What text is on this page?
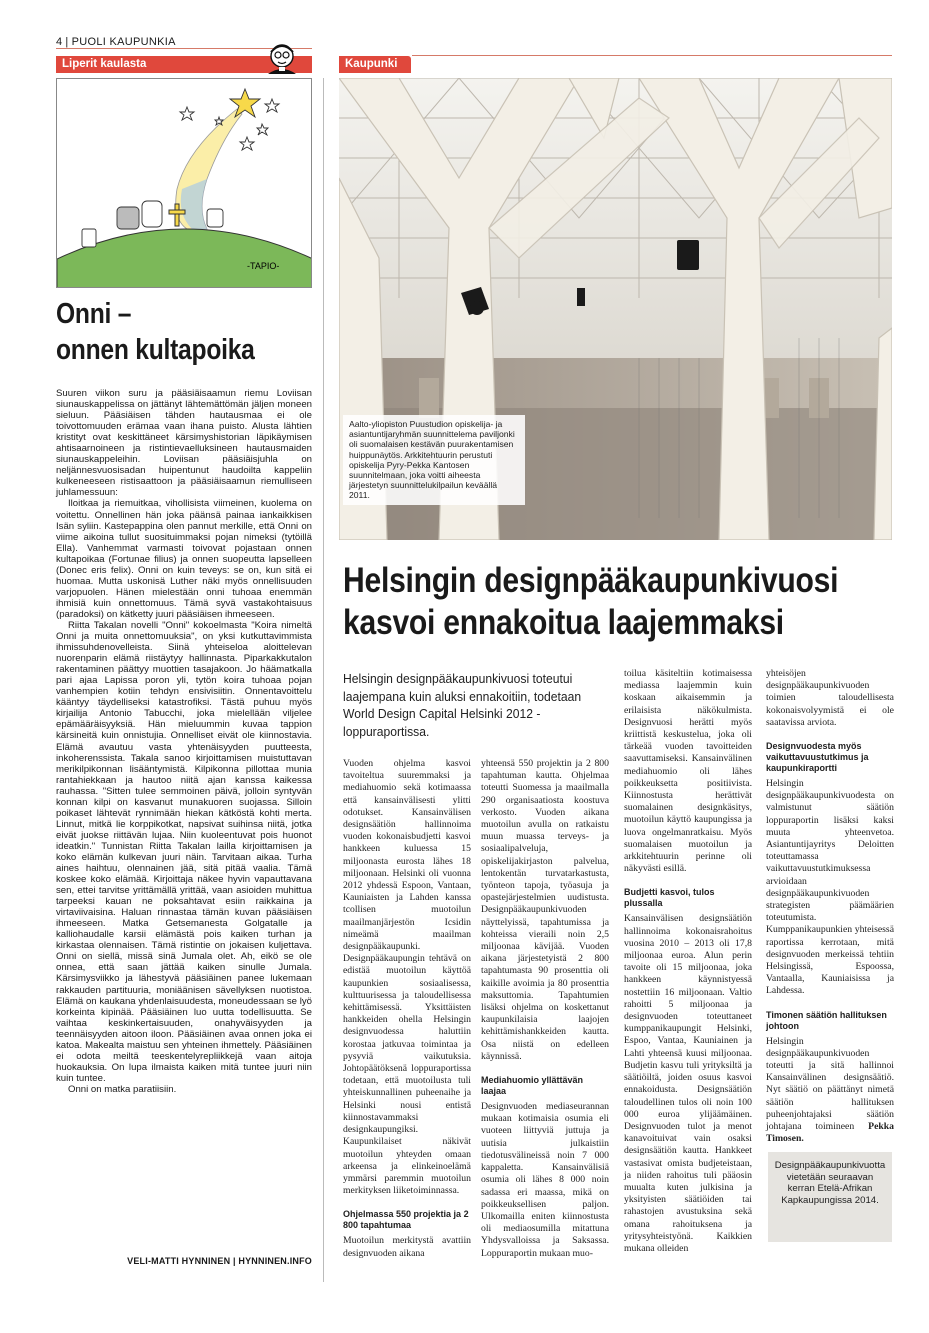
4 | PUOLI KAUPUNKIA
Liperit kaulasta	Kaupunki
-TAPIO-
Onni –
onnen kultapoika

Suuren viikon suru ja pääsiäisaamun riemu Loviisan siunauskappelissa on jättänyt lähtemättömän jäljen moneen sieluun. Pääsiäisen tähden hautausmaa ei ole toivottomuuden erämaa vaan ihana puisto. Alusta lähtien kristityt ovat keskittäneet kärsimyshistorian läpikäymisen ahtisaarnoineen ja ristintievaelluksineen hautausmaiden siunauskappeleihin. Loviisan pääsiäisjuhla on neljännesvuosisadan huipentunut haudoilta kappeliin kulkeneeseen ristisaattoon ja pääsiäisaamun riemulliseen juhlamessuun:

Iloitkaa ja riemuitkaa, vihollisista viimeinen, kuolema on voitettu. Onnellinen hän joka päänsä painaa iankaikkisen Isän syliin. Kastepappina olen pannut merkille, että Onni on viime aikoina tullut suosituimmaksi pojan nimeksi (tytöillä Ella). Vanhemmat varmasti toivovat pojastaan onnen kultapoikaa (Fortunae filius) ja onnen suopeutta lapselleen (Donec eris felix). Onni on kuin teveys: se on, kun sitä ei huomaa. Mutta uskonisä Luther näki myös onnellisuuden varjopuolen. Hänen mielestään onni tuhoaa enemmän ihmisiä kuin onnettomuus. Tämä syvä vastakohtaisuus (paradoksi) on kätketty juuri pääsiäisen ihmeeseen.

Riitta Takalan novelli "Onni" kokoelmasta "Koira nimeltä Onni ja muita onnettomuuksia", on yksi kutkuttavimmista ihmissuhdenovelleista. Siinä yhteiseloa aloittelevan nuorenparin elämä riistäytyy hallinnasta. Piparkakkutalon rakentaminen päättyy muottien tasajakoon. Jo häämatkalla pari ajaa Lapissa poron yli, tytön koira tuhoaa pojan vanhempien kotiin tehdyn ensivisiitin. Onnentavoittelu kääntyy täydelliseksi katastrofiksi. Tästä puhuu myös kirjailija Antonio Tabucchi, joka mielellään viljelee epämääräisyyksiä. Hän mieluummin kuvaa tappion kärsineitä kuin onnistujia. Onnelliset eivät ole kiinnostavia. Elämä avautuu vasta yhtenäisyyden puutteesta, inkoherenssista. Takala sanoo kirjoittamisen muistuttavan merikilpikonnan lisääntymistä. Kilpikonna pillottaa munia rantahiekkaan ja hautoo niitä ajan kanssa kaikessa rauhassa. "Sitten tulee semmoinen päivä, jolloin syntyvän konnan kilpi on kasvanut munakuoren suojassa. Silloin poikaset lähtevät rynnimään hiekan kätköstä kohti merta. Linnut, mitkä lie korppikotkat, napsivat suihinsa niitä, jotka eivät juokse riittävän lujaa. Niin kuoleentuvat pois huonot ideatkin." Tunnistan Riitta Takalan lailla kirjoittamisen ja koko elämän kulkevan juuri näin. Tarvitaan aikaa. Turha aines haihtuu, olennainen jää, sitä pitää vaalia. Tämä koskee koko elämää. Kirjoittaja näkee hyvin vapauttavana sen, ettei tarvitse yrittämällä yrittää, vaan asioiden muhittua tarpeeksi kauan ne poksahtavat esiin raikkaina ja virtaviivaisina. Haluan rinnastaa tämän kuvan pääsiäisen ihmeeseen. Matka Getsemanesta Golgatalle ja kalliohaudalle karsii elämästä pois kaiken turhan ja kirkastaa olennaisen. Tämä ristintie on jokaisen kuljettava. Onni on siellä, missä sinä Jumala olet. Ah, eikö se ole onnea, että saan jättää kaiken sinulle Jumala. Kärsimysviikko ja lähestyvä pääsiäinen panee lukemaan rakkauden partituuria, moniäänisen sävellyksen nuotistoa. Elämä on kaukana yhdenlaisuudesta, moneudessaan se lyö korkeinta kipinää. Pääsiäinen luo uutta todellisuutta. Se vaihtaa keskinkertaisuuden, onahyväisyyden ja teennäisyyden aitoon iloon. Pääsiäinen avaa onnen joka ei katoa. Makealta maistuu sen yhteinen ihmettely. Pääsiäinen ei odota meiltä teeskentelyrepliikkejä vaan aitoja huokauksia. On lupa ilmaista kaiken mitä tuntee juuri niin kuin tuntee.

Onni on matka paratiisiin.

VELI-MATTI HYNNINEN | HYNNINEN.INFO
Aalto-yliopiston Puustudion opiskelija- ja asiantuntijaryhmän suunnittelema paviljonki oli suomalaisen kestävän puurakentamisen huippunäytös. Arkkitehtuurin perustuti opiskelija Pyry-Pekka Kantosen suunnitelmaan, joka voitti aiheesta järjestetyn suunnittelukilpailun keväällä 2011.
Helsingin designpääkaupunkivuosi
kasvoi ennakoitua laajemmaksi
Helsingin designpääkaupunkivuosi toteutui laajempana kuin aluksi ennakoitiin, todetaan World Design Capital Helsinki 2012 -loppuraportissa.

Vuoden ohjelma kasvoi tavoiteltua suuremmaksi ja mediahuomio sekä kotimaassa että kansainvälisesti ylitti odotukset. Kansainvälisen designsäätiön hallinnoima vuoden kokonaisbudjetti kasvoi hankkeen kuluessa 15 miljoonasta eurosta lähes 18 miljoonaan. Helsinki oli vuonna 2012 yhdessä Espoon, Vantaan, Kauniaisten ja Lahden kanssa tcollisen muotoilun maailmanjärjestön Icsidin nimeämä maailman designpääkaupunki. Designpääkaupungin tehtävä on edistää muotoilun käyttöä kaupunkien sosiaalisessa, kulttuurisessa ja taloudellisessa kehittämisessä. Yksittäisten hankkeiden ohella Helsingin designvuodessa haluttiin korostaa jatkuvaa toimintaa ja pysyviä vaikutuksia. Johtopäätöksenä loppuraportissa todetaan, että muotoilusta tuli yhteiskunnallinen puheenaihe ja Helsinki nousi entistä kiinnostavammaksi designkaupungiksi. Kaupunkilaiset näkivät muotoilun yhteyden omaan arkeensa ja elinkeinoelämä ymmärsi paremmin muotoilun merkityksen liiketoiminnassa.

Ohjelmassa 550 projektia ja 2 800 tapahtumaa

Muotoilun merkitystä avattiin designvuoden aikana

yhteensä 550 projektin ja 2 800 tapahtuman kautta. Ohjelmaa toteutti Suomessa ja maailmalla 290 organisaatiosta koostuva verkosto. Vuoden aikana muotoilun avulla on ratkaistu muun muassa terveys- ja sosiaalipalveluja, opiskelijakirjaston palvelua, lentokentän turvatarkastusta, työnteon tapoja, työasuja ja opastejärjestelmien uudistusta. Designpääkaupunkivuoden näyttelyissä, tapahtumissa ja kohteissa vieraili noin 2,5 miljoonaa kävijää. Vuoden aikana järjestetyistä 2 800 tapahtumasta 90 prosenttia oli kaikille avoimia ja 80 prosenttia maksuttomia. Tapahtumien lisäksi ohjelma on koskettanut kaupunkilaisia laajojen kehittämishankkeiden kautta. Osa niistä on edelleen käynnissä.

Mediahuomio yllättävän laajaa

Designvuoden mediaseurannan mukaan kotimaisia osumia eli vuoteen liittyviä juttuja ja uutisia julkaistiin tiedotusvälineissä noin 7 000 kappaletta. Kansainvälisiä osumia oli lähes 8 000 noin sadassa eri maassa, mikä on poikkeuksellisen paljon. Ulkomailla eniten kiinnostusta oli mediaosumilla mitattuna Yhdysvalloissa ja Saksassa. Loppuraportin mukaan muo-

toilua käsiteltiin kotimaisessa mediassa laajemmin kuin koskaan aikaisemmin ja erilaisista näkökulmista. Designvuosi herätti myös kriittistä keskustelua, joka oli tärkeää vuoden tavoitteiden saavuttamiseksi. Kansainvälinen mediahuomio oli lähes poikkeuksetta positiivista. Kiinnostusta herättivät suomalainen designkäsitys, muotoilun käyttö kaupungissa ja luova ongelmanratkaisu. Myös suomalaisen muotoilun ja arkkitehtuurin perinne oli näkyvästi esillä.

Budjetti kasvoi, tulos plussalla

Kansainvälisen designsäätiön hallinnoima kokonaisrahoitus vuosina 2010 – 2013 oli 17,8 miljoonaa euroa. Alun perin tavoite oli 15 miljoonaa, joka hankkeen käynnistyessä nostettiin 16 miljoonaan. Valtio rahoitti 5 miljoonaa ja designvuoden toteuttaneet kumppanikaupungit Helsinki, Espoo, Vantaa, Kauniainen ja Lahti yhteensä kuusi miljoonaa. Budjetin kasvu tuli yrityksiltä ja säätiöiltä, joiden osuus kasvoi ennakoidusta. Designsäätiön taloudellinen tulos oli noin 100 000 euroa ylijäämäinen. Designvuoden tulot ja menot kanavoituivat vain osaksi designsäätiön kautta. Hankkeet vastasivat omista budjeteistaan, ja niiden rahoitus tuli pääosin muualta kuten julkisina ja yksityisten säätiöiden tai rahastojen avustuksina sekä omana rahoituksena ja yritysyhteistyönä. Kaikkien mukana olleiden

yhteisöjen designpääkaupunkivuoden toimien taloudellisesta kokonaisvolyymistä ei ole saatavissa arviota.

Designvuodesta myös vaikuttavuustutkimus ja kaupunkiraportti

Helsingin designpääkaupunkivuodesta on valmistunut säätiön loppuraportin lisäksi kaksi muuta yhteenvetoa. Asiantuntijayritys Deloitten toteuttamassa vaikuttavuustutkimuksessa arvioidaan designpääkaupunkivuoden strategisten päämäärien toteutumista. Kumppanikaupunkien yhteisessä raportissa kerrotaan, mitä designvuoden merkeissä tehtiin Helsingissä, Espoossa, Vantaalla, Kauniaisissa ja Lahdessa.

Timonen säätiön hallituksen johtoon

Helsingin designpääkaupunkivuoden toteutti ja sitä hallinnoi Kansainvälinen designsäätiö. Nyt säätiö on päättänyt nimetä säätiön hallituksen puheenjohtajaksi säätiön johtajana toimineen Pekka Timosen.

Designpääkaupunkivuotta vietetään seuraavan kerran Etelä-Afrikan Kapkaupungissa 2014.
